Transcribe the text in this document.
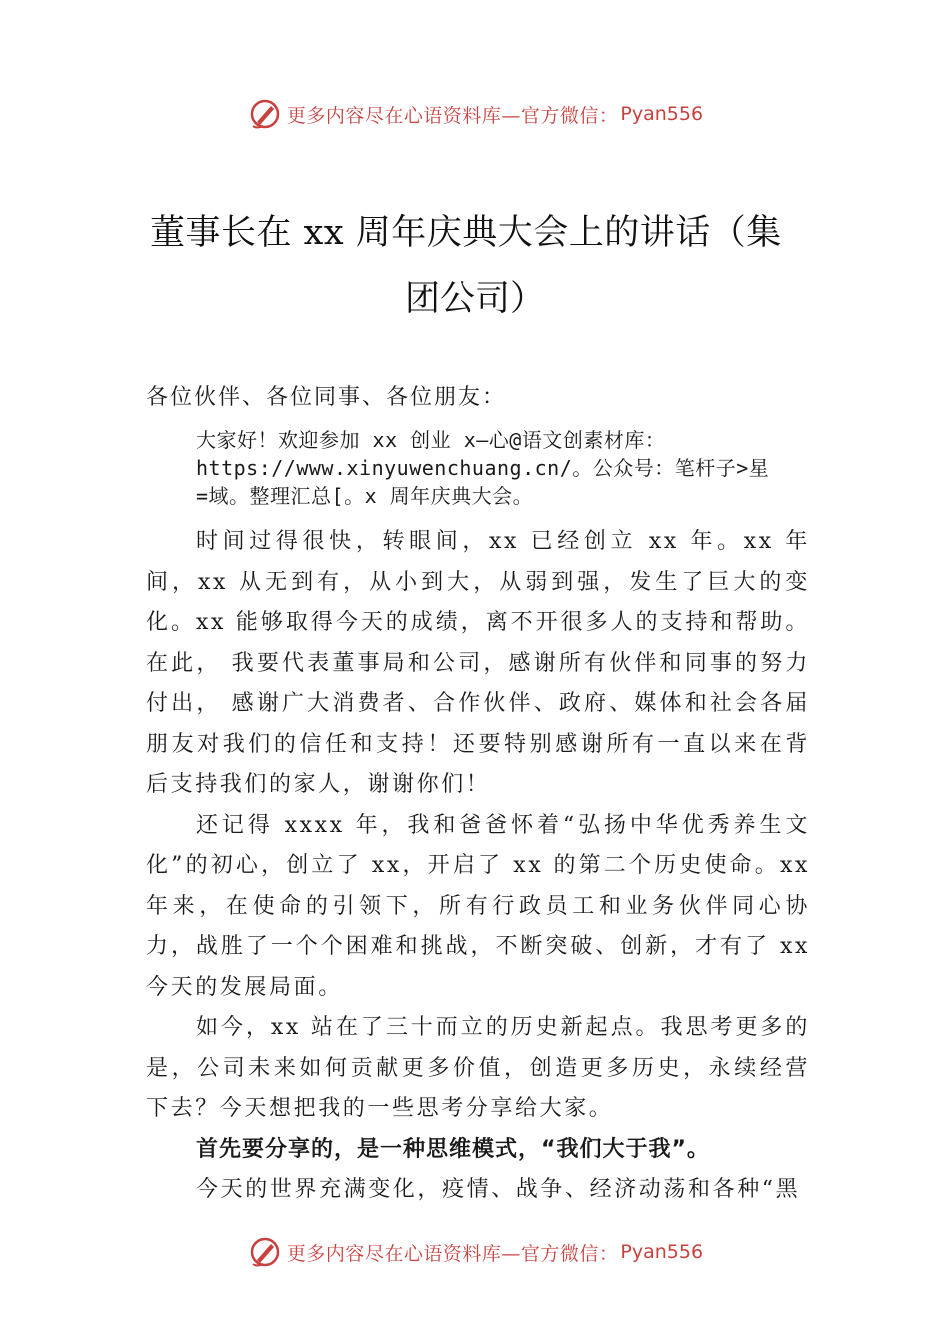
更多内容尽在心语资料库—官方微信： Pyan556
董事长在 xx 周年庆典大会上的讲话（集
团公司）
各位伙伴、各位同事、各位朋友：
大家好！欢迎参加 xx 创业 x—心@语文创素材库：
https://www.xinyuwenchuang.cn/。公众号：笔杆子>星
=域。整理汇总[。x 周年庆典大会。

时间过得很快，转眼间，xx 已经创立 xx 年。xx 年间，xx 从无到有，从小到大，从弱到强，发生了巨大的变化。xx 能够取得今天的成绩，离不开很多人的支持和帮助。在此， 我要代表董事局和公司，感谢所有伙伴和同事的努力付出， 感谢广大消费者、合作伙伴、政府、媒体和社会各届朋友对我们的信任和支持！还要特别感谢所有一直以来在背后支持我们的家人，谢谢你们！

还记得 xxxx 年，我和爸爸怀着“弘扬中华优秀养生文化”的初心，创立了 xx，开启了 xx 的第二个历史使命。xx 年来，在使命的引领下，所有行政员工和业务伙伴同心协力，战胜了一个个困难和挑战，不断突破、创新，才有了 xx 今天的发展局面。

如今，xx 站在了三十而立的历史新起点。我思考更多的是，公司未来如何贡献更多价值，创造更多历史，永续经营下去？今天想把我的一些思考分享给大家。

首先要分享的，是一种思维模式，“我们大于我”。

今天的世界充满变化，疫情、战争、经济动荡和各种“黑

更多内容尽在心语资料库—官方微信： Pyan556
